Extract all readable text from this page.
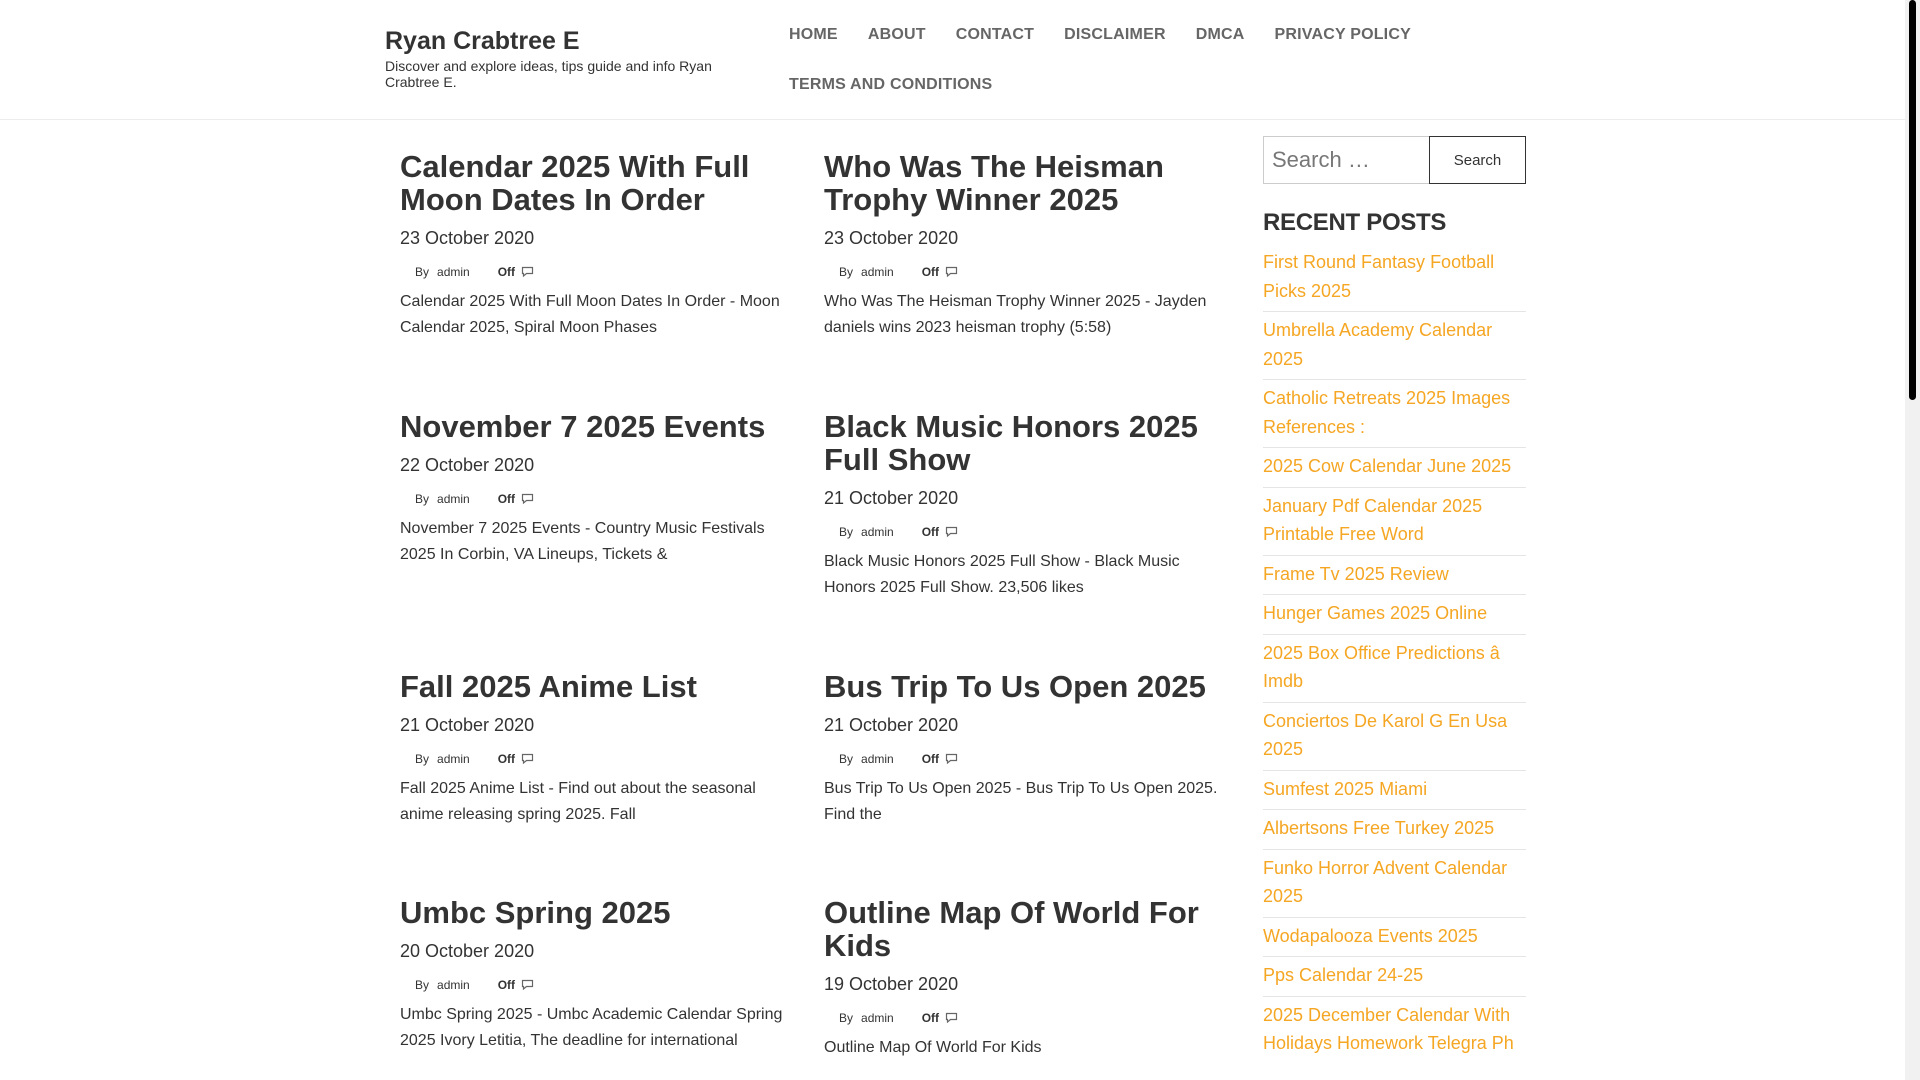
Ryan Crabtree E
Discover and explore ideas, tips guide and info Ryan Crabtree E.
HOME	ABOUT	CONTACT	DISCLAIMER	DMCA	PRIVACY POLICY
TERMS AND CONDITIONS
Calendar 2025 With Full Moon Dates In Order
23 October 2020
By admin Off
Calendar 2025 With Full Moon Dates In Order - Moon Calendar 2025, Spiral Moon Phases
Who Was The Heisman Trophy Winner 2025
23 October 2020
By admin Off
Who Was The Heisman Trophy Winner 2025 - Jayden daniels wins 2023 heisman trophy (5:58)
November 7 2025 Events
22 October 2020
By admin Off
November 7 2025 Events - Country Music Festivals 2025 In Corbin, VA Lineups, Tickets &
Black Music Honors 2025 Full Show
21 October 2020
By admin Off
Black Music Honors 2025 Full Show - Black Music Honors 2025 Full Show. 23,506 likes
Fall 2025 Anime List
21 October 2020
By admin Off
Fall 2025 Anime List - Find out about the seasonal anime releasing spring 2025. Fall
Bus Trip To Us Open 2025
21 October 2020
By admin Off
Bus Trip To Us Open 2025 - Bus Trip To Us Open 2025. Find the
Umbc Spring 2025
20 October 2020
By admin Off
Umbc Spring 2025 - Umbc Academic Calendar Spring 2025 Ivory Letitia, The deadline for international
Outline Map Of World For Kids
19 October 2020
By admin Off
Outline Map Of World For Kids
Search …
Search
RECENT POSTS
First Round Fantasy Football Picks 2025
Umbrella Academy Calendar 2025
Catholic Retreats 2025 Images References :
2025 Cow Calendar June 2025
January Pdf Calendar 2025 Printable Free Word
Frame Tv 2025 Review
Hunger Games 2025 Online
2025 Box Office Predictions â Imdb
Conciertos De Karol G En Usa 2025
Sumfest 2025 Miami
Albertsons Free Turkey 2025
Funko Horror Advent Calendar 2025
Wodapalooza Events 2025
Pps Calendar 24-25
2025 December Calendar With Holidays Homework Telegra Ph
